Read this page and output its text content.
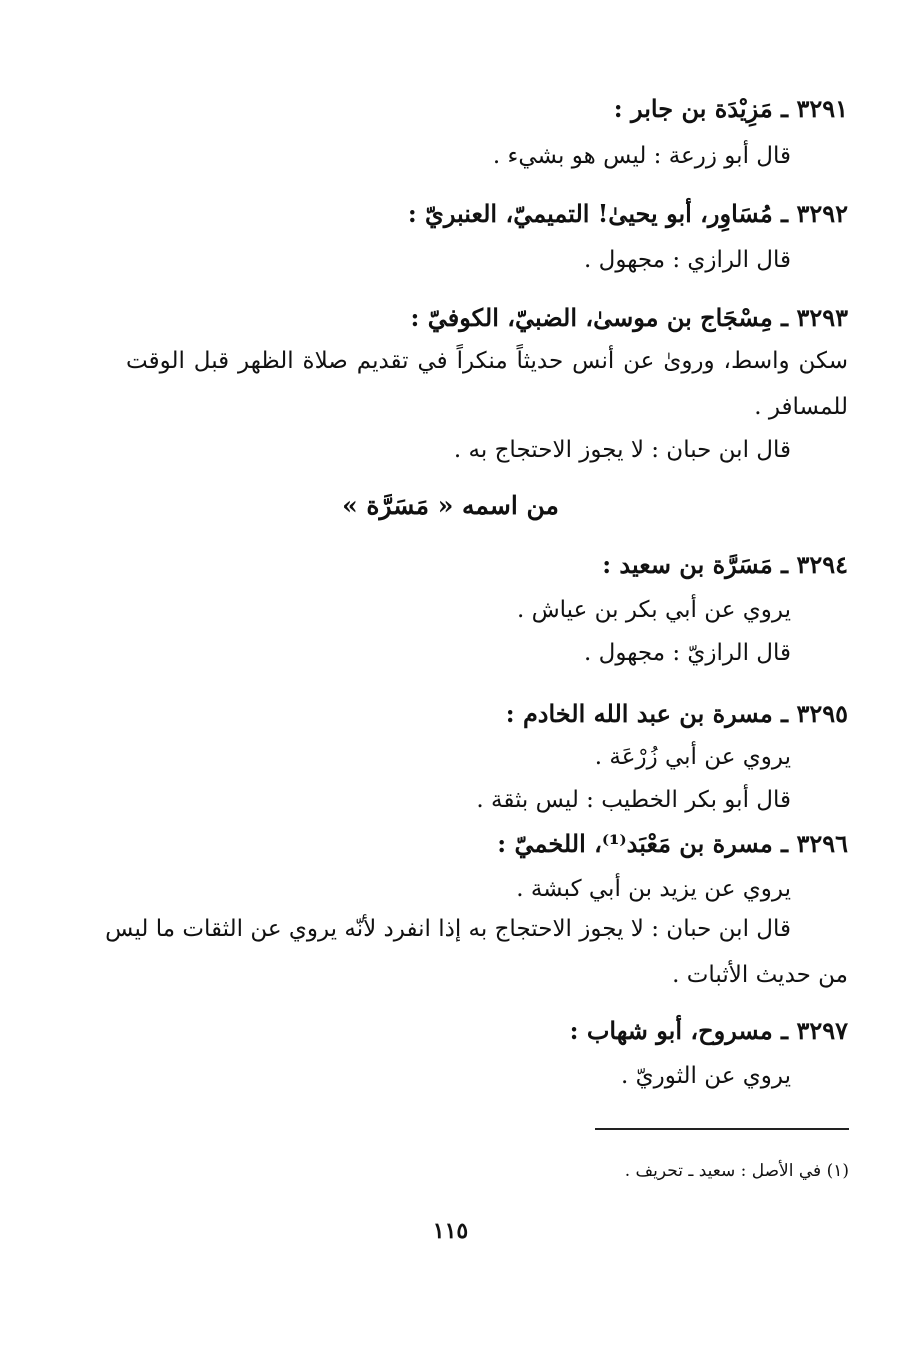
٣٢٩١ ـ مَزِيْدَة بن جابر :
قال أبو زرعة : ليس هو بشيء .
٣٢٩٢ ـ مُسَاوِر، أبو يحيىٰ! التميميّ، العنبريّ :
قال الرازي : مجهول .
٣٢٩٣ ـ مِسْجَاج بن موسىٰ، الضبيّ، الكوفيّ :
سكن واسط، وروىٰ عن أنس حديثاً منكراً في تقديم صلاة الظهر قبل الوقت
للمسافر .
قال ابن حبان : لا يجوز الاحتجاج به .
من اسمه « مَسَرَّة »
٣٢٩٤ ـ مَسَرَّة بن سعيد :
يروي عن أبي بكر بن عياش .
قال الرازيّ : مجهول .
٣٢٩٥ ـ مسرة بن عبد الله الخادم :
يروي عن أبي زُرْعَة .
قال أبو بكر الخطيب : ليس بثقة .
٣٢٩٦ ـ مسرة بن مَعْبَد⁽¹⁾، اللخميّ :
يروي عن يزيد بن أبي كبشة .
قال ابن حبان : لا يجوز الاحتجاج به إذا انفرد لأنّه يروي عن الثقات ما ليس
من حديث الأثبات .
٣٢٩٧ ـ مسروح، أبو شهاب :
يروي عن الثوريّ .
(١) في الأصل : سعيد ـ تحريف .
١١٥
